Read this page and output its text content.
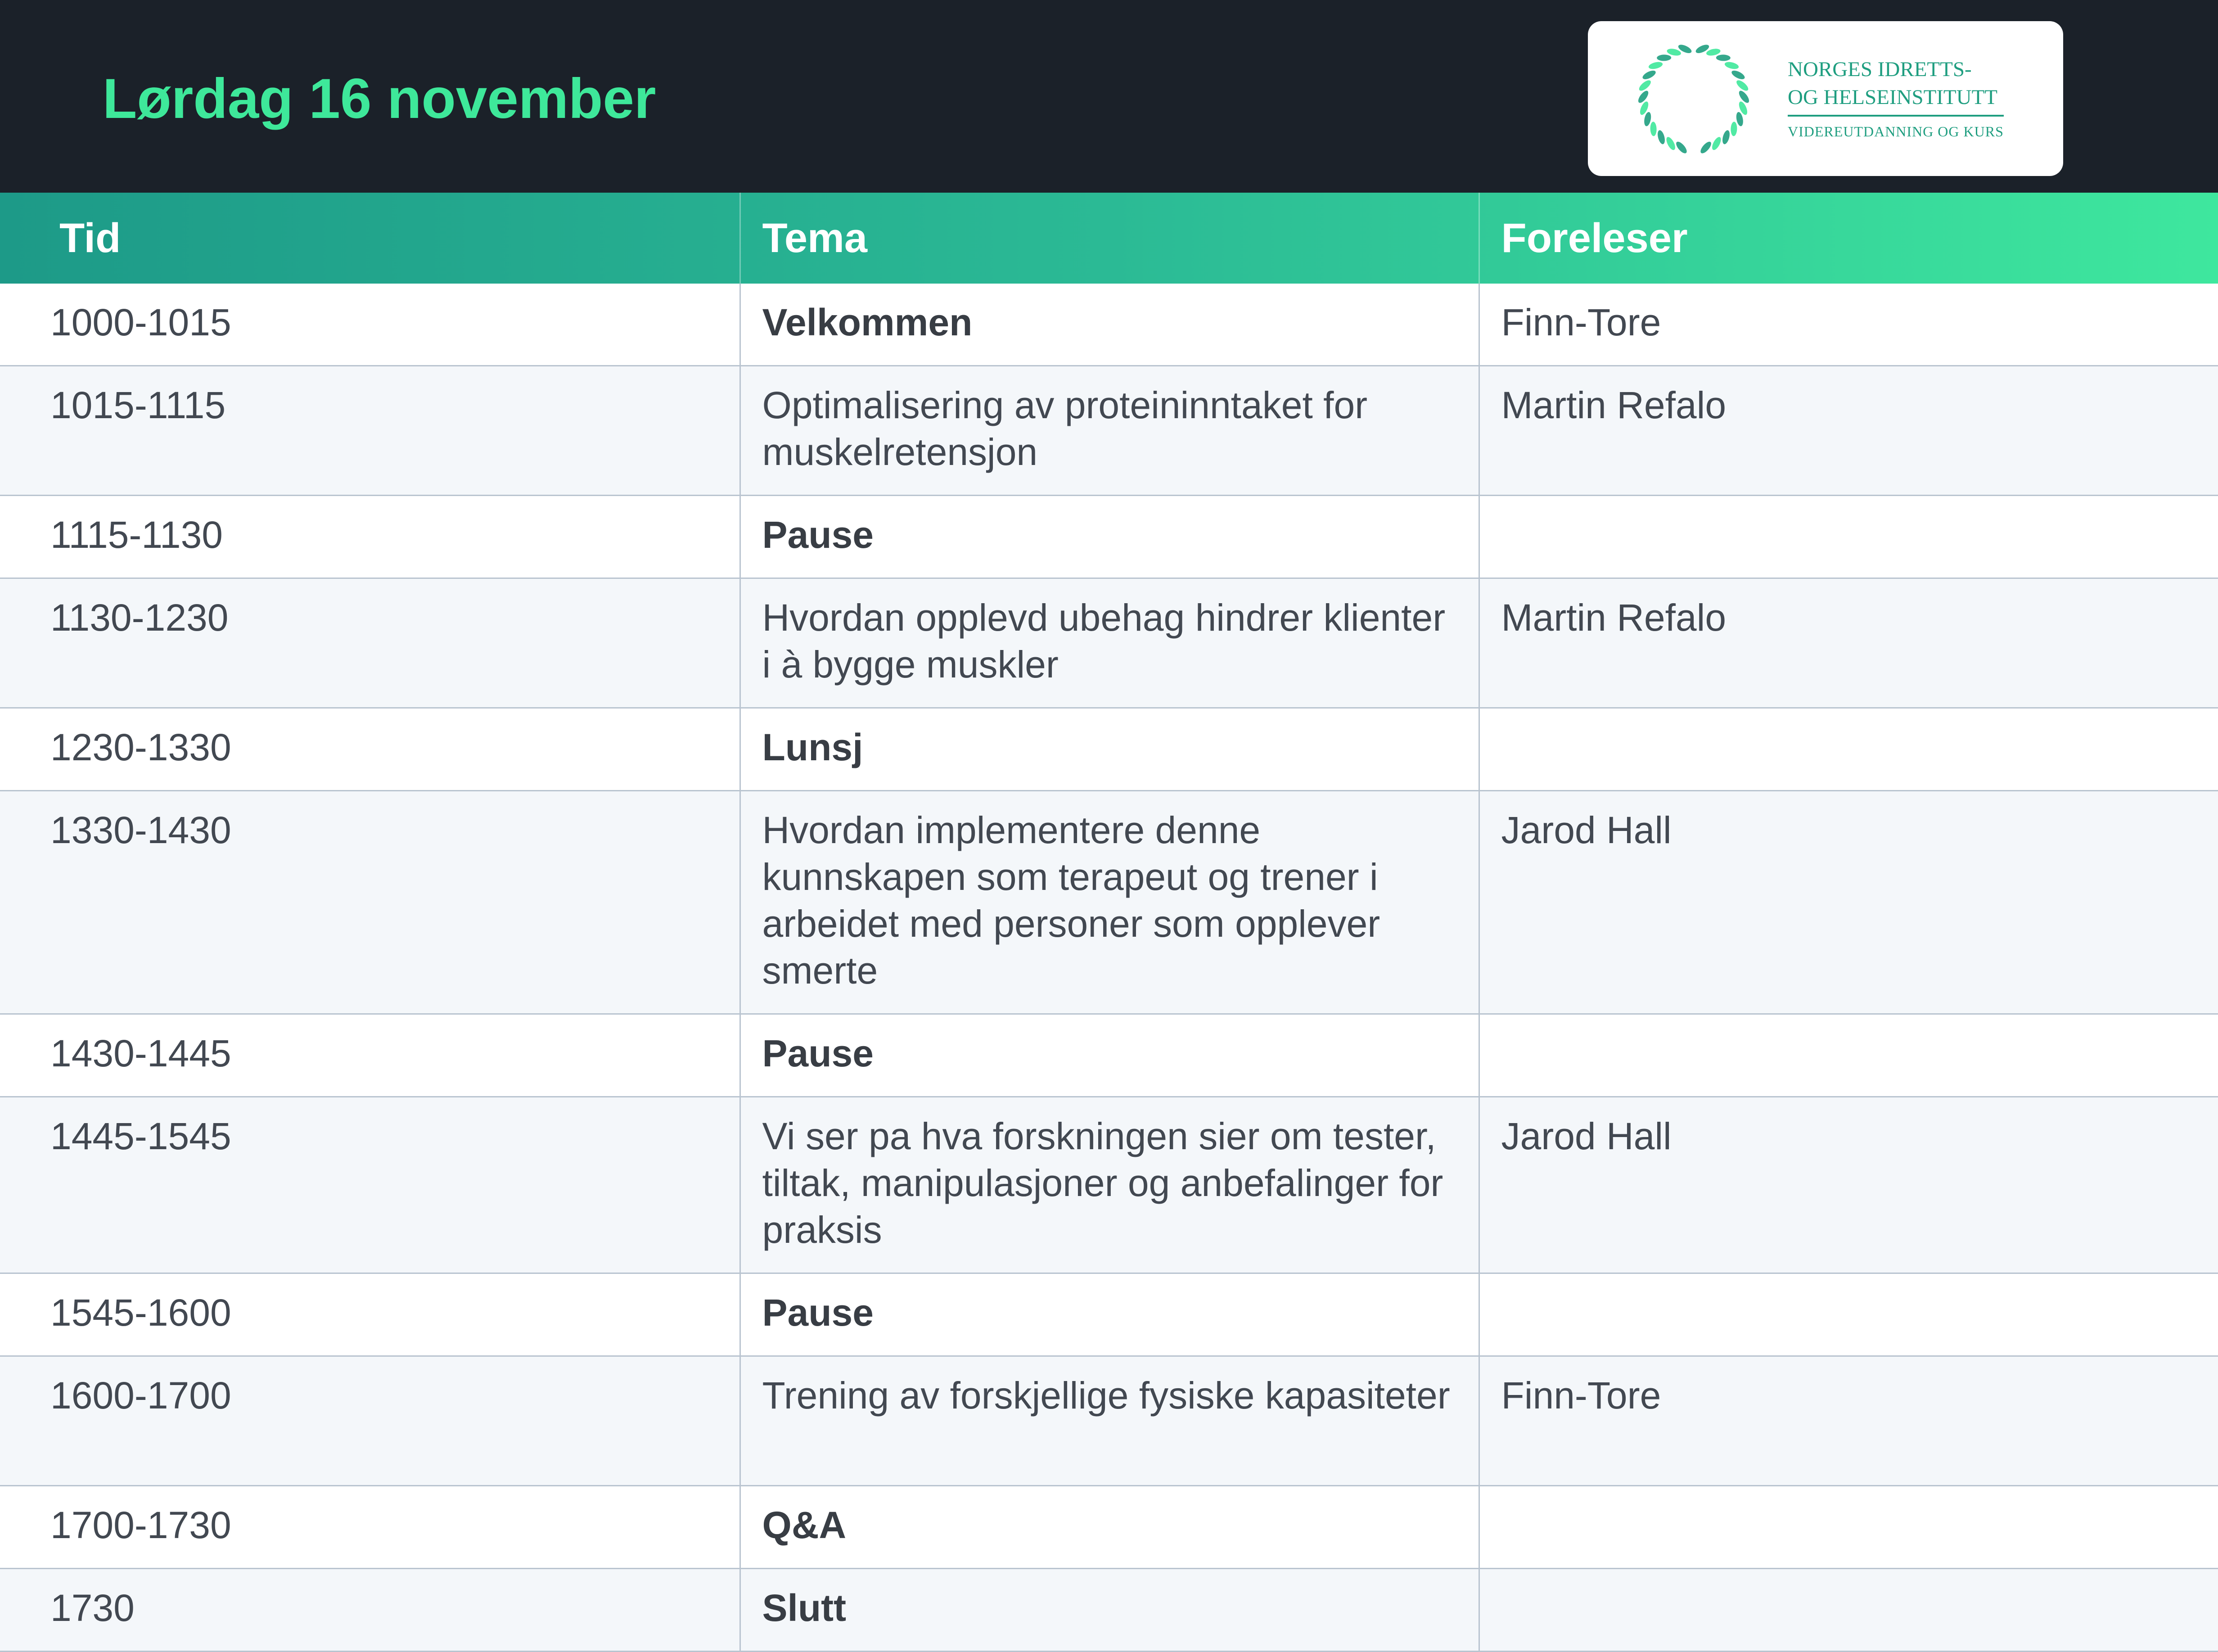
Lørdag 16 november	NORGES IDRETTS-
OG HELSEINSTITUTT
VIDEREUTDANNING OG KURS
Tid	Tema	Foreleser
1000-1015	Velkommen	Finn-Tore
1015-1115	Optimalisering av proteininntaket for muskelretensjon	Martin Refalo
1115-1130	Pause	
1130-1230	Hvordan opplevd ubehag hindrer klienter i à bygge muskler	Martin Refalo
1230-1330	Lunsj	
1330-1430	Hvordan implementere denne kunnskapen som terapeut og trener i arbeidet med personer som opplever smerte	Jarod Hall
1430-1445	Pause	
1445-1545	Vi ser pa hva forskningen sier om tester, tiltak, manipulasjoner og anbefalinger for praksis	Jarod Hall
1545-1600	Pause	
1600-1700	Trening av forskjellige fysiske kapasiteter	Finn-Tore
1700-1730	Q&A	
1730	Slutt	
